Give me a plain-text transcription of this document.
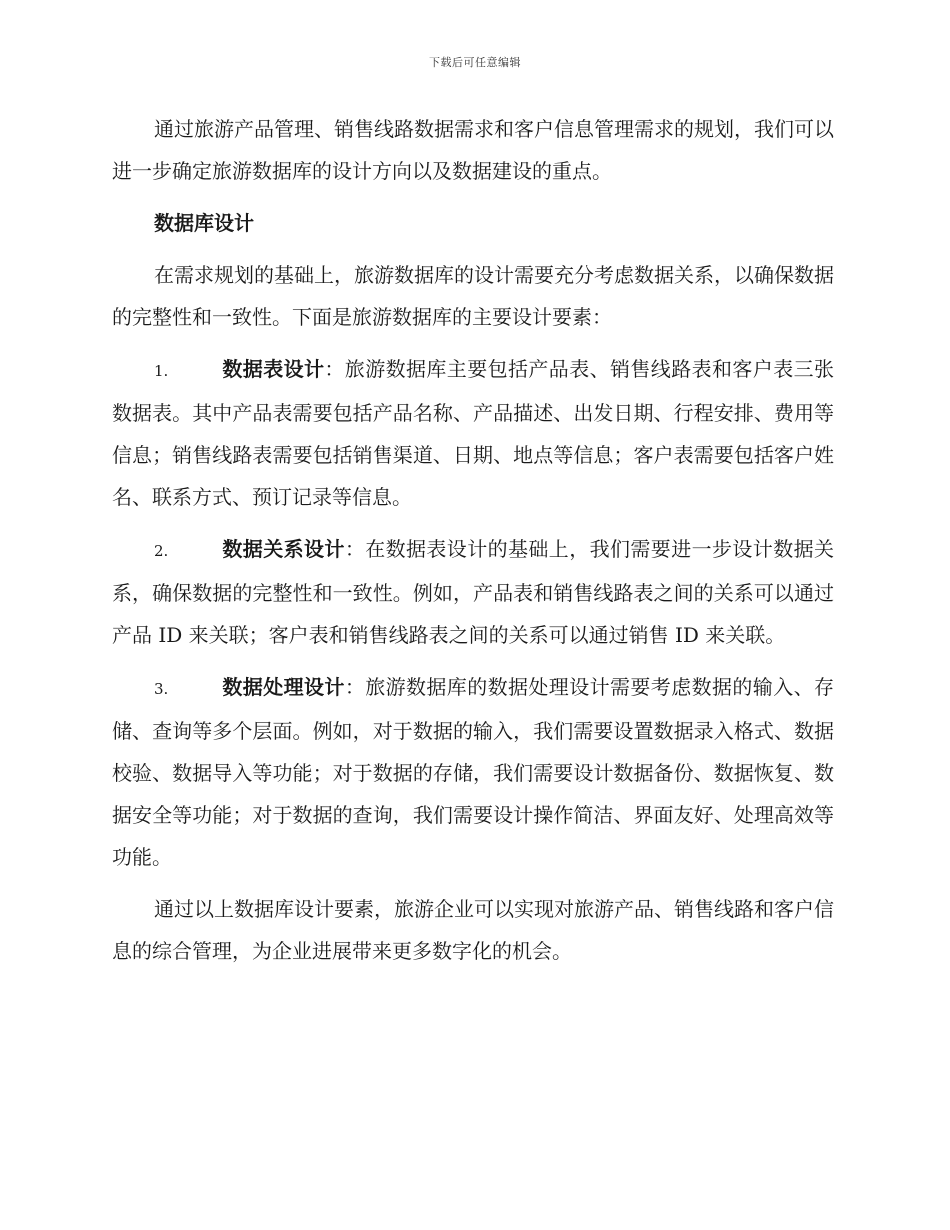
下载后可任意编辑

通过旅游产品管理、销售线路数据需求和客户信息管理需求的规划，我们可以进一步确定旅游数据库的设计方向以及数据建设的重点。

数据库设计

在需求规划的基础上，旅游数据库的设计需要充分考虑数据关系，以确保数据的完整性和一致性。下面是旅游数据库的主要设计要素：

1.	数据表设计：旅游数据库主要包括产品表、销售线路表和客户表三张数据表。其中产品表需要包括产品名称、产品描述、出发日期、行程安排、费用等信息；销售线路表需要包括销售渠道、日期、地点等信息；客户表需要包括客户姓名、联系方式、预订记录等信息。

2.	数据关系设计：在数据表设计的基础上，我们需要进一步设计数据关系，确保数据的完整性和一致性。例如，产品表和销售线路表之间的关系可以通过产品 ID 来关联；客户表和销售线路表之间的关系可以通过销售 ID 来关联。

3.	数据处理设计：旅游数据库的数据处理设计需要考虑数据的输入、存储、查询等多个层面。例如，对于数据的输入，我们需要设置数据录入格式、数据校验、数据导入等功能；对于数据的存储，我们需要设计数据备份、数据恢复、数据安全等功能；对于数据的查询，我们需要设计操作简洁、界面友好、处理高效等功能。

通过以上数据库设计要素，旅游企业可以实现对旅游产品、销售线路和客户信息的综合管理，为企业进展带来更多数字化的机会。
